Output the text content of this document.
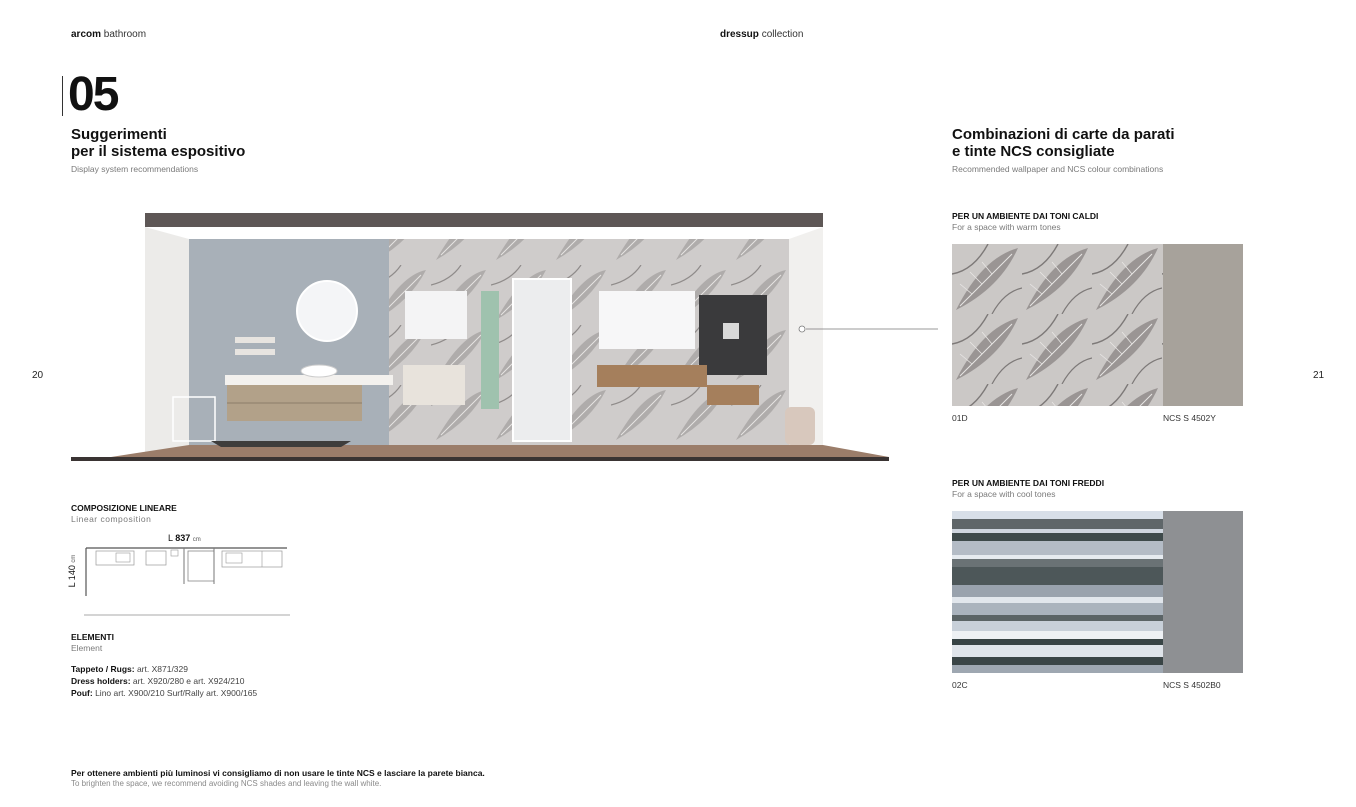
arcom bathroom	dressup collection
20	21
05
Suggerimenti
per il sistema espositivo
Display system recommendations
COMPOSIZIONE LINEARE
Linear composition
L 837 cm
L 140 cm
ELEMENTI
Element
Tappeto / Rugs: art. X871/329
Dress holders: art. X920/280 e art. X924/210
Pouf: Lino art. X900/210 Surf/Rally art. X900/165
Per ottenere ambienti più luminosi vi consigliamo di non usare le tinte NCS e lasciare la parete bianca.
To brighten the space, we recommend avoiding NCS shades and leaving the wall white.
Combinazioni di carte da parati
e tinte NCS consigliate
Recommended wallpaper and NCS colour combinations
PER UN AMBIENTE DAI TONI CALDI
For a space with warm tones
01D	NCS S 4502Y
PER UN AMBIENTE DAI TONI FREDDI
For a space with cool tones
02C	NCS S 4502B0
